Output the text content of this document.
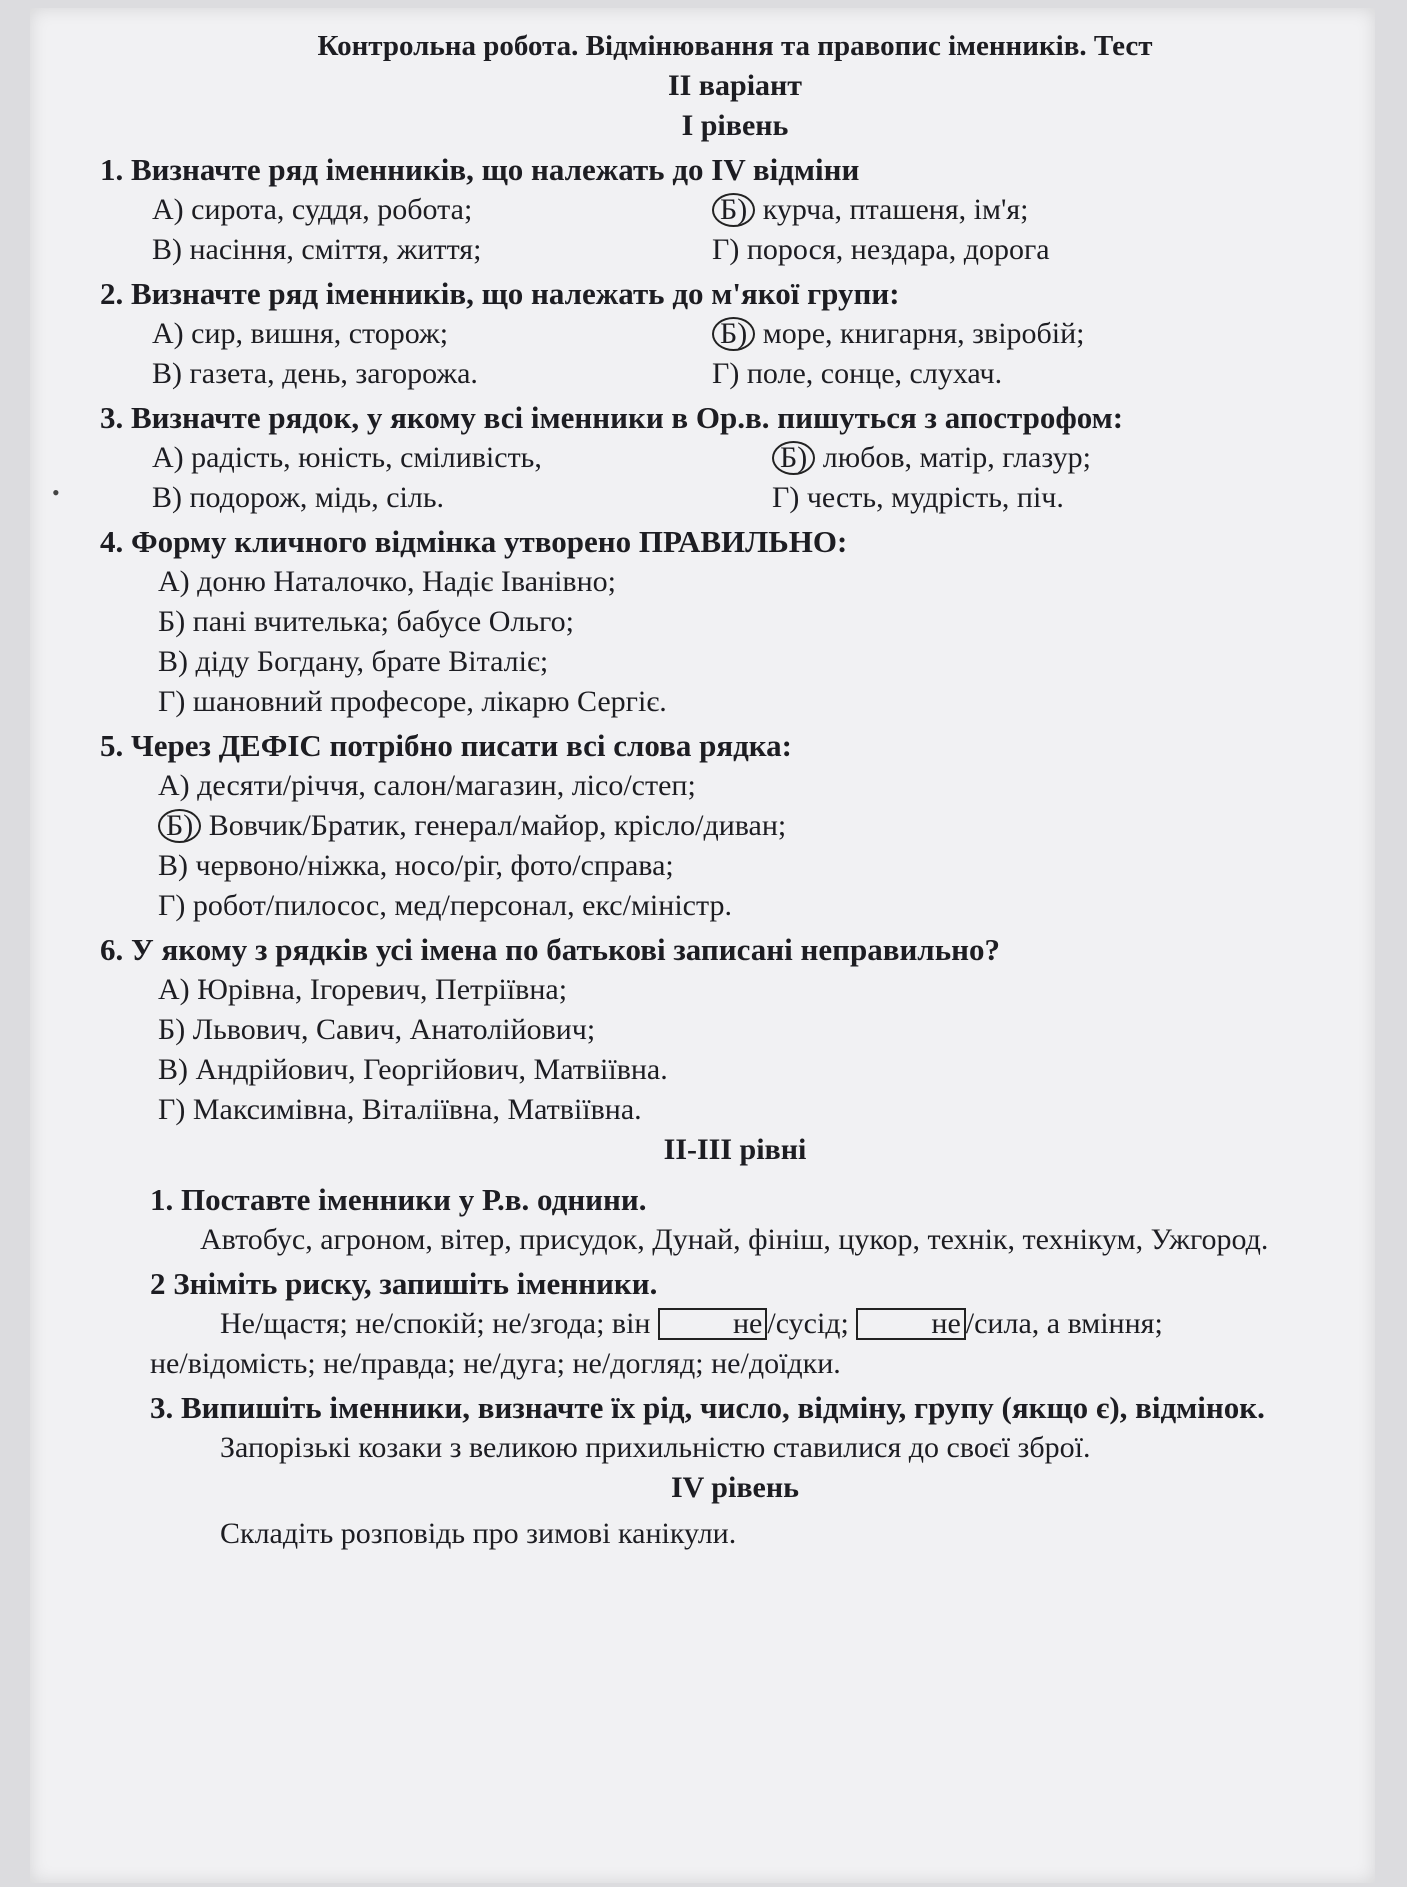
•
Контрольна робота. Відмінювання та правопис іменників. Тест
ІІ варіант
І рівень
1. Визначте ряд іменників, що належать до IV відміни
А) сирота, суддя, робота;	Б) курча, пташеня, ім'я;
В) насіння, сміття, життя;	Г) порося, нездара, дорога
2. Визначте ряд іменників, що належать до м'якої групи:
А) сир, вишня, сторож;	Б) море, книгарня, звіробій;
В) газета, день, загорожа.	Г) поле, сонце, слухач.
3. Визначте рядок, у якому всі іменники в Ор.в. пишуться з апострофом:
А) радість, юність, сміливість,	Б) любов, матір, глазур;
В) подорож, мідь, сіль.	Г) честь, мудрість, піч.
4. Форму кличного відмінка утворено ПРАВИЛЬНО:
А) доню Наталочко, Надіє Іванівно;
Б) пані вчителька; бабусе Ольго;
В) діду Богдану, брате Віталіє;
Г) шановний професоре, лікарю Сергіє.
5. Через ДЕФІС потрібно писати всі слова рядка:
А) десяти/річчя, салон/магазин, лісо/степ;
Б) Вовчик/Братик, генерал/майор, крісло/диван;
В) червоно/ніжка, носо/ріг, фото/справа;
Г) робот/пилосос, мед/персонал, екс/міністр.
6. У якому з рядків усі імена по батькові записані неправильно?
А) Юрівна, Ігоревич, Петріївна;
Б) Львович, Савич, Анатолійович;
В) Андрійович, Георгійович, Матвіївна.
Г) Максимівна, Віталіївна, Матвіївна.
ІІ-ІІІ рівні
1. Поставте іменники у Р.в. однини.
Автобус, агроном, вітер, присудок, Дунай, фініш, цукор, технік, технікум, Ужгород.
2 Зніміть риску, запишіть іменники.
Не/щастя; не/спокій; не/згода; він	не /сусід;	не /сила, а вміння;
не/відомість; не/правда; не/дуга; не/догляд; не/доїдки.
3. Випишіть іменники, визначте їх рід, число, відміну, групу (якщо є), відмінок.
Запорізькі козаки з великою прихильністю ставилися до своєї зброї.
IV рівень
Складіть розповідь про зимові канікули.
